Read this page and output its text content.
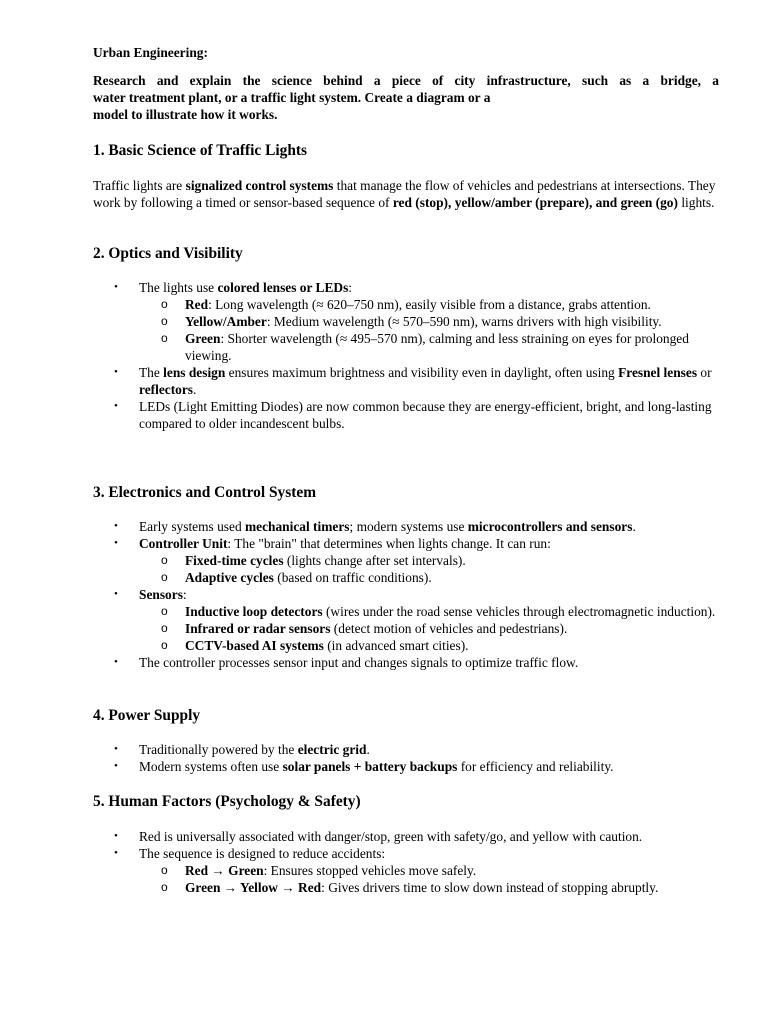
Urban Engineering:
Research and explain the science behind a piece of city infrastructure, such as a bridge, a
water treatment plant, or a traffic light system. Create a diagram or a
model to illustrate how it works.
1. Basic Science of Traffic Lights

Traffic lights are signalized control systems that manage the flow of vehicles and pedestrians at intersections. They work by following a timed or sensor-based sequence of red (stop), yellow/amber (prepare), and green (go) lights.

2. Optics and Visibility
• The lights use colored lenses or LEDs:
o Red: Long wavelength (≈ 620–750 nm), easily visible from a distance, grabs attention.
o Yellow/Amber: Medium wavelength (≈ 570–590 nm), warns drivers with high visibility.
o Green: Shorter wavelength (≈ 495–570 nm), calming and less straining on eyes for prolonged viewing.
• The lens design ensures maximum brightness and visibility even in daylight, often using Fresnel lenses or reflectors.
• LEDs (Light Emitting Diodes) are now common because they are energy-efficient, bright, and long-lasting compared to older incandescent bulbs.
3. Electronics and Control System
• Early systems used mechanical timers; modern systems use microcontrollers and sensors.
• Controller Unit: The "brain" that determines when lights change. It can run:
o Fixed-time cycles (lights change after set intervals).
o Adaptive cycles (based on traffic conditions).
• Sensors:
o Inductive loop detectors (wires under the road sense vehicles through electromagnetic induction).
o Infrared or radar sensors (detect motion of vehicles and pedestrians).
o CCTV-based AI systems (in advanced smart cities).
• The controller processes sensor input and changes signals to optimize traffic flow.
4. Power Supply
• Traditionally powered by the electric grid.
• Modern systems often use solar panels + battery backups for efficiency and reliability.
5. Human Factors (Psychology & Safety)
• Red is universally associated with danger/stop, green with safety/go, and yellow with caution.
• The sequence is designed to reduce accidents:
o Red → Green: Ensures stopped vehicles move safely.
o Green → Yellow → Red: Gives drivers time to slow down instead of stopping abruptly.
